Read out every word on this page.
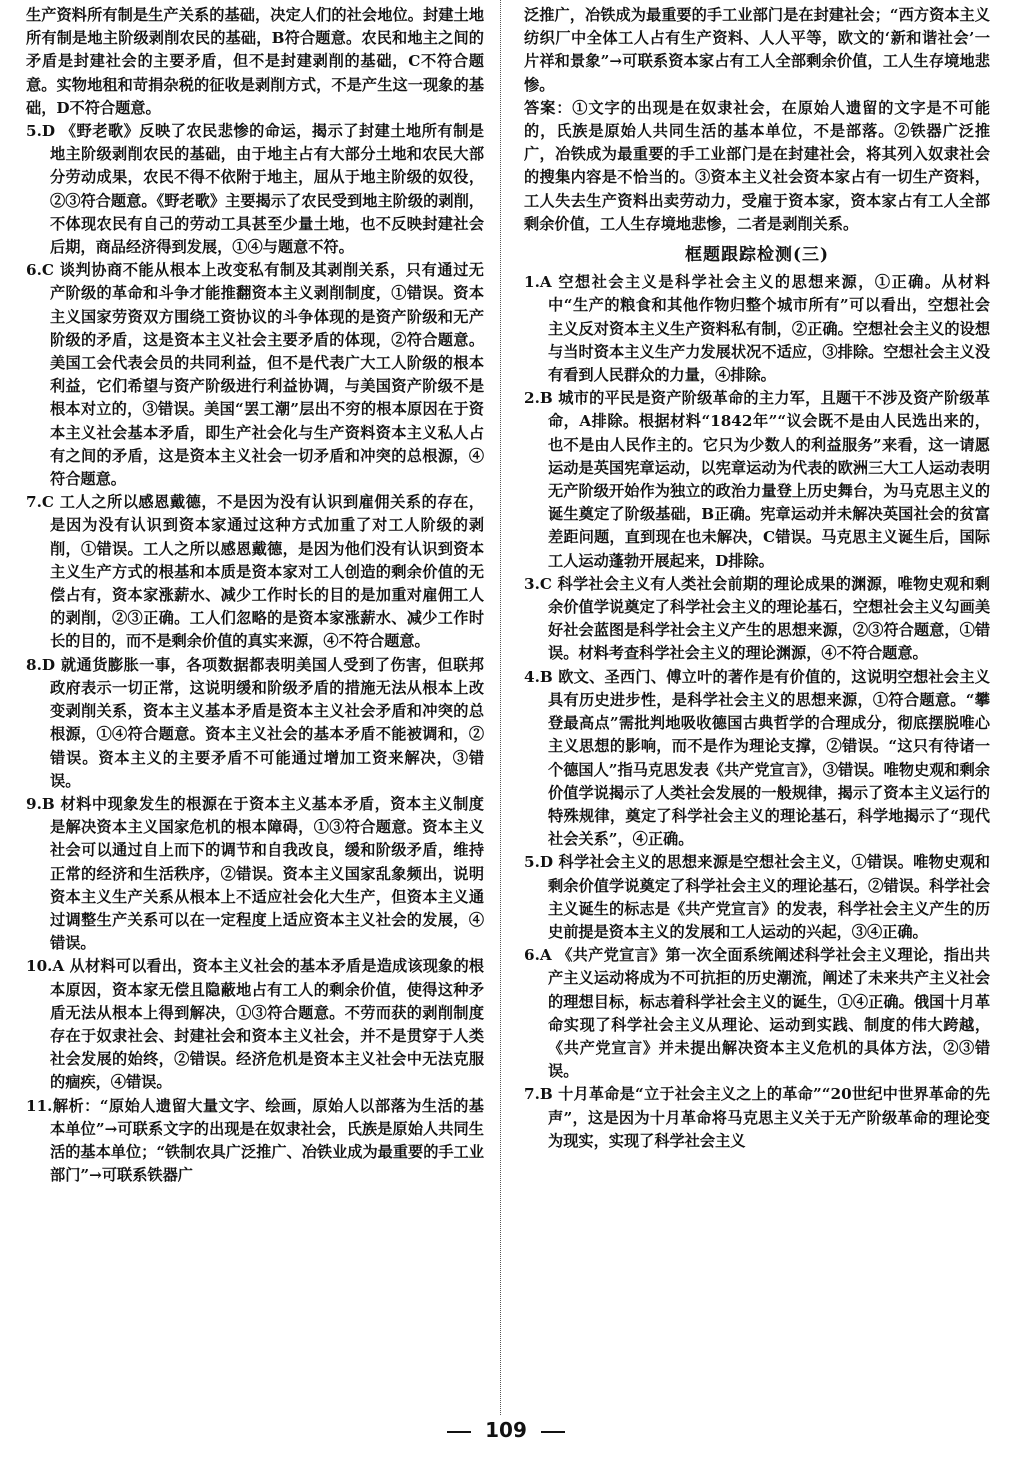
生产资料所有制是生产关系的基础，决定人们的社会地位。封建土地所有制是地主阶级剥削农民的基础，B符合题意。农民和地主之间的矛盾是封建社会的主要矛盾，但不是封建剥削的基础，C不符合题意。实物地租和苛捐杂税的征收是剥削方式，不是产生这一现象的基础，D不符合题意。

5.D 《野老歌》反映了农民悲惨的命运，揭示了封建土地所有制是地主阶级剥削农民的基础，由于地主占有大部分土地和农民大部分劳动成果，农民不得不依附于地主，屈从于地主阶级的奴役，②③符合题意。《野老歌》主要揭示了农民受到地主阶级的剥削，不体现农民有自己的劳动工具甚至少量土地，也不反映封建社会后期，商品经济得到发展，①④与题意不符。

6.C 谈判协商不能从根本上改变私有制及其剥削关系，只有通过无产阶级的革命和斗争才能推翻资本主义剥削制度，①错误。资本主义国家劳资双方围绕工资协议的斗争体现的是资产阶级和无产阶级的矛盾，这是资本主义社会主要矛盾的体现，②符合题意。美国工会代表会员的共同利益，但不是代表广大工人阶级的根本利益，它们希望与资产阶级进行利益协调，与美国资产阶级不是根本对立的，③错误。美国“罢工潮”层出不穷的根本原因在于资本主义社会基本矛盾，即生产社会化与生产资料资本主义私人占有之间的矛盾，这是资本主义社会一切矛盾和冲突的总根源，④符合题意。

7.C 工人之所以感恩戴德，不是因为没有认识到雇佣关系的存在，是因为没有认识到资本家通过这种方式加重了对工人阶级的剥削，①错误。工人之所以感恩戴德，是因为他们没有认识到资本主义生产方式的根基和本质是资本家对工人创造的剩余价值的无偿占有，资本家涨薪水、减少工作时长的目的是加重对雇佣工人的剥削，②③正确。工人们忽略的是资本家涨薪水、减少工作时长的目的，而不是剩余价值的真实来源，④不符合题意。

8.D 就通货膨胀一事，各项数据都表明美国人受到了伤害，但联邦政府表示一切正常，这说明缓和阶级矛盾的措施无法从根本上改变剥削关系，资本主义基本矛盾是资本主义社会矛盾和冲突的总根源，①④符合题意。资本主义社会的基本矛盾不能被调和，②错误。资本主义的主要矛盾不可能通过增加工资来解决，③错误。

9.B 材料中现象发生的根源在于资本主义基本矛盾，资本主义制度是解决资本主义国家危机的根本障碍，①③符合题意。资本主义社会可以通过自上而下的调节和自我改良，缓和阶级矛盾，维持正常的经济和生活秩序，②错误。资本主义国家乱象频出，说明资本主义生产关系从根本上不适应社会化大生产，但资本主义通过调整生产关系可以在一定程度上适应资本主义社会的发展，④错误。

10.A 从材料可以看出，资本主义社会的基本矛盾是造成该现象的根本原因，资本家无偿且隐蔽地占有工人的剩余价值，使得这种矛盾无法从根本上得到解决，①③符合题意。不劳而获的剥削制度存在于奴隶社会、封建社会和资本主义社会，并不是贯穿于人类社会发展的始终，②错误。经济危机是资本主义社会中无法克服的痼疾，④错误。

11.解析：“原始人遗留大量文字、绘画，原始人以部落为生活的基本单位”→可联系文字的出现是在奴隶社会，氏族是原始人共同生活的基本单位；“铁制农具广泛推广、冶铁业成为最重要的手工业部门”→可联系铁器广

泛推广，冶铁成为最重要的手工业部门是在封建社会；“西方资本主义纺织厂中全体工人占有生产资料、人人平等，欧文的‘新和谐社会’一片祥和景象”→可联系资本家占有工人全部剩余价值，工人生存境地悲惨。

答案：①文字的出现是在奴隶社会，在原始人遗留的文字是不可能的，氏族是原始人共同生活的基本单位，不是部落。②铁器广泛推广，冶铁成为最重要的手工业部门是在封建社会，将其列入奴隶社会的搜集内容是不恰当的。③资本主义社会资本家占有一切生产资料，工人失去生产资料出卖劳动力，受雇于资本家，资本家占有工人全部剩余价值，工人生存境地悲惨，二者是剥削关系。

框题跟踪检测(三)

1.A 空想社会主义是科学社会主义的思想来源，①正确。从材料中“生产的粮食和其他作物归整个城市所有”可以看出，空想社会主义反对资本主义生产资料私有制，②正确。空想社会主义的设想与当时资本主义生产力发展状况不适应，③排除。空想社会主义没有看到人民群众的力量，④排除。

2.B 城市的平民是资产阶级革命的主力军，且题干不涉及资产阶级革命，A排除。根据材料“1842年”“议会既不是由人民选出来的，也不是由人民作主的。它只为少数人的利益服务”来看，这一请愿运动是英国宪章运动，以宪章运动为代表的欧洲三大工人运动表明无产阶级开始作为独立的政治力量登上历史舞台，为马克思主义的诞生奠定了阶级基础，B正确。宪章运动并未解决英国社会的贫富差距问题，直到现在也未解决，C错误。马克思主义诞生后，国际工人运动蓬勃开展起来，D排除。

3.C 科学社会主义有人类社会前期的理论成果的渊源，唯物史观和剩余价值学说奠定了科学社会主义的理论基石，空想社会主义勾画美好社会蓝图是科学社会主义产生的思想来源，②③符合题意，①错误。材料考查科学社会主义的理论渊源，④不符合题意。

4.B 欧文、圣西门、傅立叶的著作是有价值的，这说明空想社会主义具有历史进步性，是科学社会主义的思想来源，①符合题意。“攀登最高点”需批判地吸收德国古典哲学的合理成分，彻底摆脱唯心主义思想的影响，而不是作为理论支撑，②错误。“这只有待诸一个德国人”指马克思发表《共产党宣言》，③错误。唯物史观和剩余价值学说揭示了人类社会发展的一般规律，揭示了资本主义运行的特殊规律，奠定了科学社会主义的理论基石，科学地揭示了“现代社会关系”，④正确。

5.D 科学社会主义的思想来源是空想社会主义，①错误。唯物史观和剩余价值学说奠定了科学社会主义的理论基石，②错误。科学社会主义诞生的标志是《共产党宣言》的发表，科学社会主义产生的历史前提是资本主义的发展和工人运动的兴起，③④正确。

6.A 《共产党宣言》第一次全面系统阐述科学社会主义理论，指出共产主义运动将成为不可抗拒的历史潮流，阐述了未来共产主义社会的理想目标，标志着科学社会主义的诞生，①④正确。俄国十月革命实现了科学社会主义从理论、运动到实践、制度的伟大跨越，《共产党宣言》并未提出解决资本主义危机的具体方法，②③错误。

7.B 十月革命是“立于社会主义之上的革命”“20世纪中世界革命的先声”，这是因为十月革命将马克思主义关于无产阶级革命的理论变为现实，实现了科学社会主义

109
